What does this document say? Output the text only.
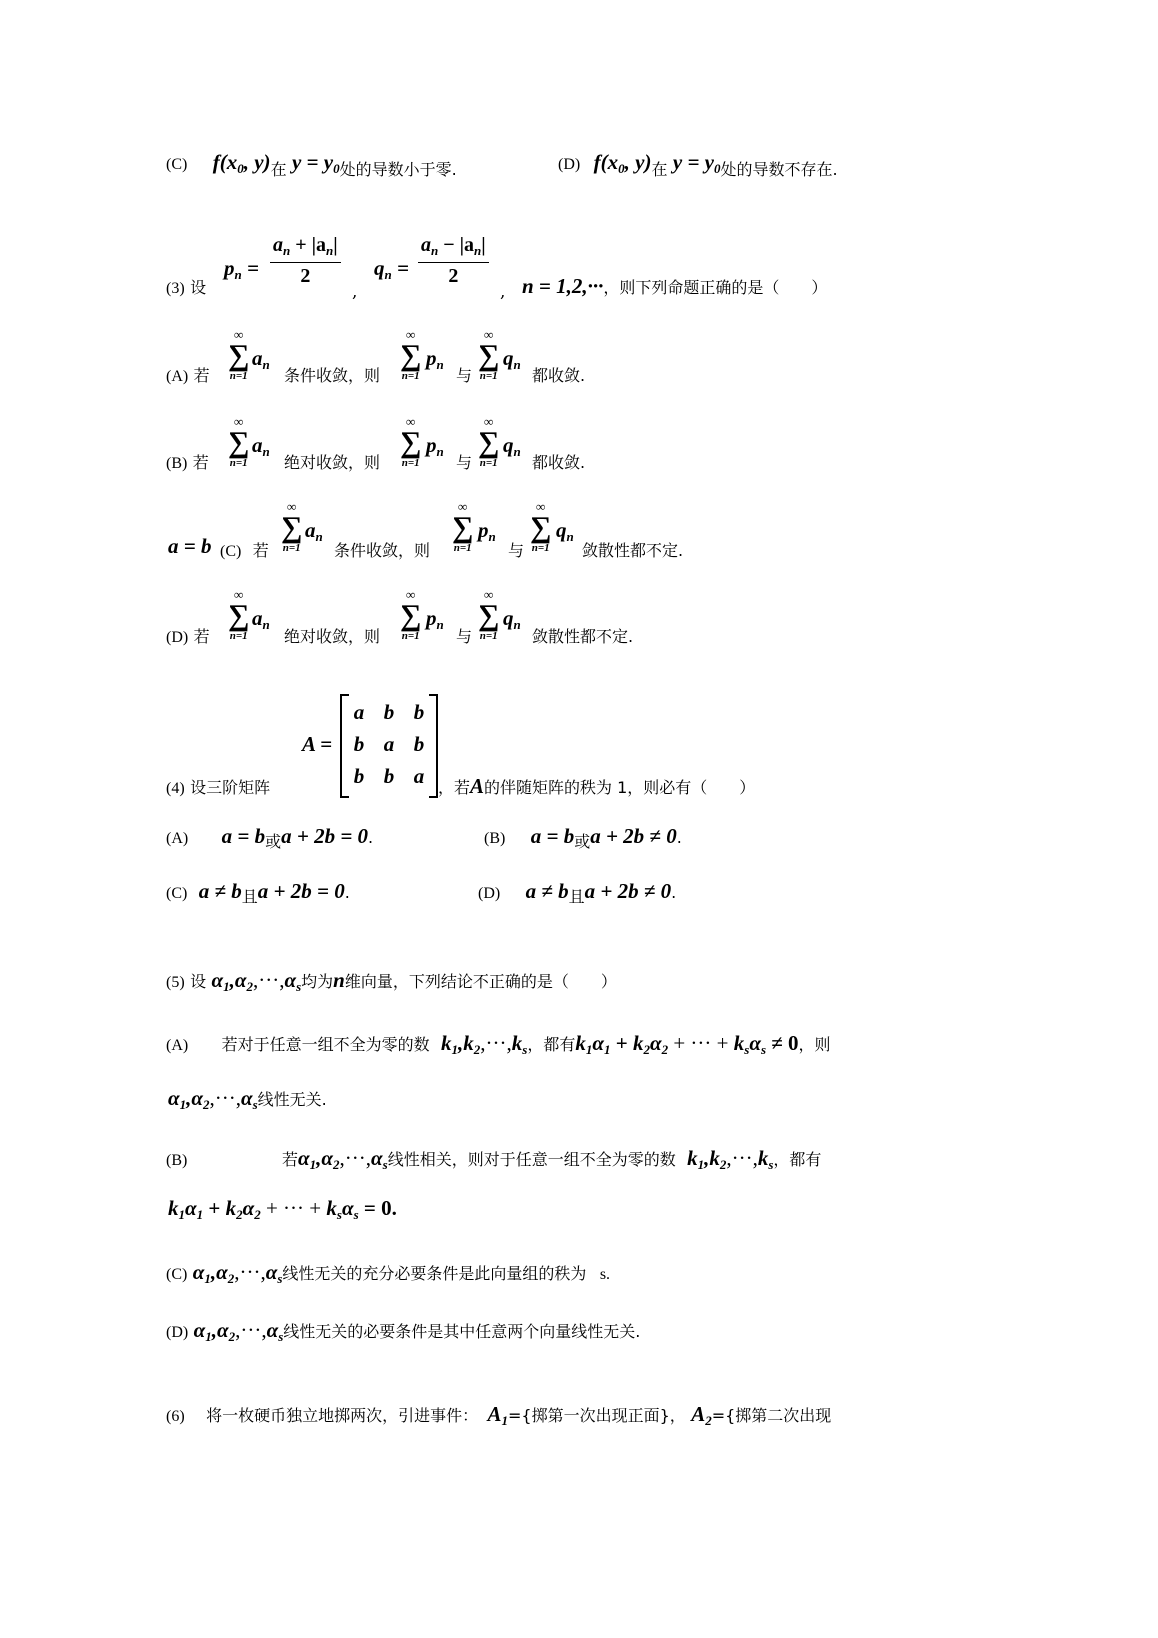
(C) f(x0, y)在 y = y0处的导数小于零.	(D) f(x0, y)在 y = y0处的导数不存在.
(3) 设
$p_n$ =
$a_n + |a_n|$
2
,
$q_n$ =
$a_n - |a_n|$
2
, n = 1,2,···，则下列命题正确的是（　　）
(A) 若
∞
∑
n=1
$a_n$
条件收敛，则
∞
∑
n=1
$p_n$
与
∞
∑
n=1
$q_n$
都收敛.
(B) 若
∞
∑
n=1
$a_n$
绝对收敛，则
∞
∑
n=1
$p_n$
与
∞
∑
n=1
$q_n$
都收敛.
a = b (C) 若
∞
∑
n=1
$a_n$
条件收敛，则
∞
∑
n=1
$p_n$
与
∞
∑
n=1
$q_n$
敛散性都不定.
(D) 若
∞
∑
n=1
$a_n$
绝对收敛，则
∞
∑
n=1
$p_n$
与
∞
∑
n=1
$q_n$
敛散性都不定.
A =
a b b
b a b
b b a
(4) 设三阶矩阵	，若A的伴随矩阵的秩为 1，则必有（　　）
(A) a = b或a + 2b = 0.	(B) a = b或a + 2b ≠ 0.
(C) a ≠ b且a + 2b = 0.	(D) a ≠ b且a + 2b ≠ 0.
(5) 设 $\alpha 1,\alpha 2,\cdot\cdot\cdot,\alpha_s$均为n维向量，下列结论不正确的是（　　）
(A) 若对于任意一组不全为零的数 $k1,k2,\cdot\cdot\cdot,k_s$，都有k1α1 + k2α2 + ··· + $k_s\alpha_s \ne 0$，则
$\alpha 1,\alpha 2,\cdot\cdot\cdot,\alpha_s$线性无关.
(B)	若$\alpha 1,\alpha 2,\cdot\cdot\cdot,\alpha_s$线性相关，则对于任意一组不全为零的数 $k1,k2,\cdot\cdot\cdot,k_s$，都有
k1α1 + k2α2 + ··· + $k_s\alpha_s = 0$.
(C) $\alpha 1,\alpha 2,\cdot\cdot\cdot,\alpha_s$线性无关的充分必要条件是此向量组的秩为 s.
(D) $\alpha 1,\alpha 2,\cdot\cdot\cdot,\alpha_s$线性无关的必要条件是其中任意两个向量线性无关.
(6) 将一枚硬币独立地掷两次，引进事件： A1={掷第一次出现正面}， A2={掷第二次出现
